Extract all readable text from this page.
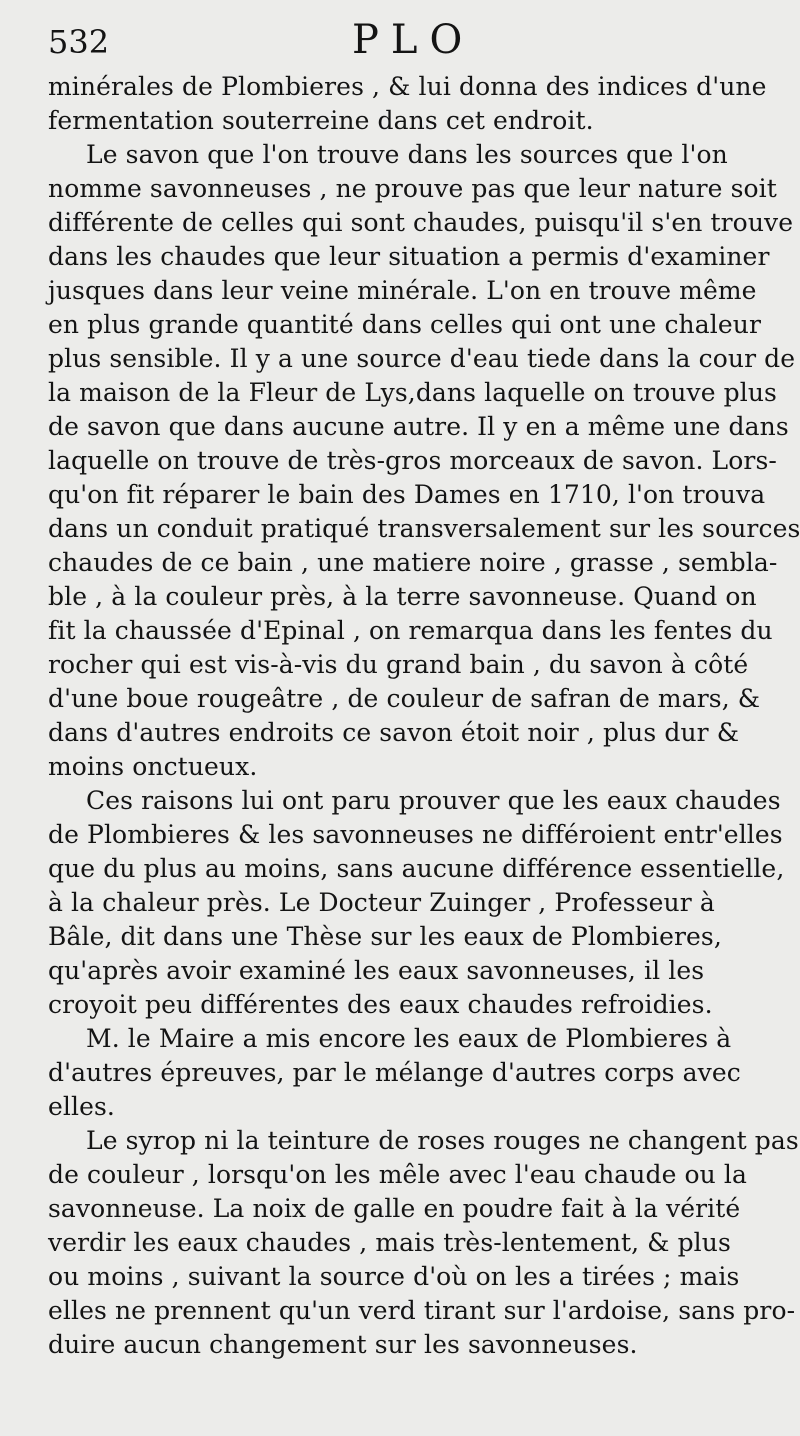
532	PLO
minérales de Plombieres , & lui donna des indices d'une
fermentation souterreine dans cet endroit.
Le savon que l'on trouve dans les sources que l'on
nomme savonneuses , ne prouve pas que leur nature soit
différente de celles qui sont chaudes, puisqu'il s'en trouve
dans les chaudes que leur situation a permis d'examiner
jusques dans leur veine minérale. L'on en trouve même
en plus grande quantité dans celles qui ont une chaleur
plus sensible. Il y a une source d'eau tiede dans la cour de
la maison de la Fleur de Lys,dans laquelle on trouve plus
de savon que dans aucune autre. Il y en a même une dans
laquelle on trouve de très-gros morceaux de savon. Lors-
qu'on fit réparer le bain des Dames en 1710, l'on trouva
dans un conduit pratiqué transversalement sur les sources
chaudes de ce bain , une matiere noire , grasse , sembla-
ble , à la couleur près, à la terre savonneuse. Quand on
fit la chaussée d'Epinal , on remarqua dans les fentes du
rocher qui est vis-à-vis du grand bain , du savon à côté
d'une boue rougeâtre , de couleur de safran de mars, &
dans d'autres endroits ce savon étoit noir , plus dur &
moins onctueux.
Ces raisons lui ont paru prouver que les eaux chaudes
de Plombieres & les savonneuses ne différoient entr'elles
que du plus au moins, sans aucune différence essentielle,
à la chaleur près. Le Docteur Zuinger , Professeur à
Bâle, dit dans une Thèse sur les eaux de Plombieres,
qu'après avoir examiné les eaux savonneuses, il les
croyoit peu différentes des eaux chaudes refroidies.
M. le Maire a mis encore les eaux de Plombieres à
d'autres épreuves, par le mélange d'autres corps avec
elles.
Le syrop ni la teinture de roses rouges ne changent pas
de couleur , lorsqu'on les mêle avec l'eau chaude ou la
savonneuse. La noix de galle en poudre fait à la vérité
verdir les eaux chaudes , mais très-lentement, & plus
ou moins , suivant la source d'où on les a tirées ; mais
elles ne prennent qu'un verd tirant sur l'ardoise, sans pro-
duire aucun changement sur les savonneuses.
